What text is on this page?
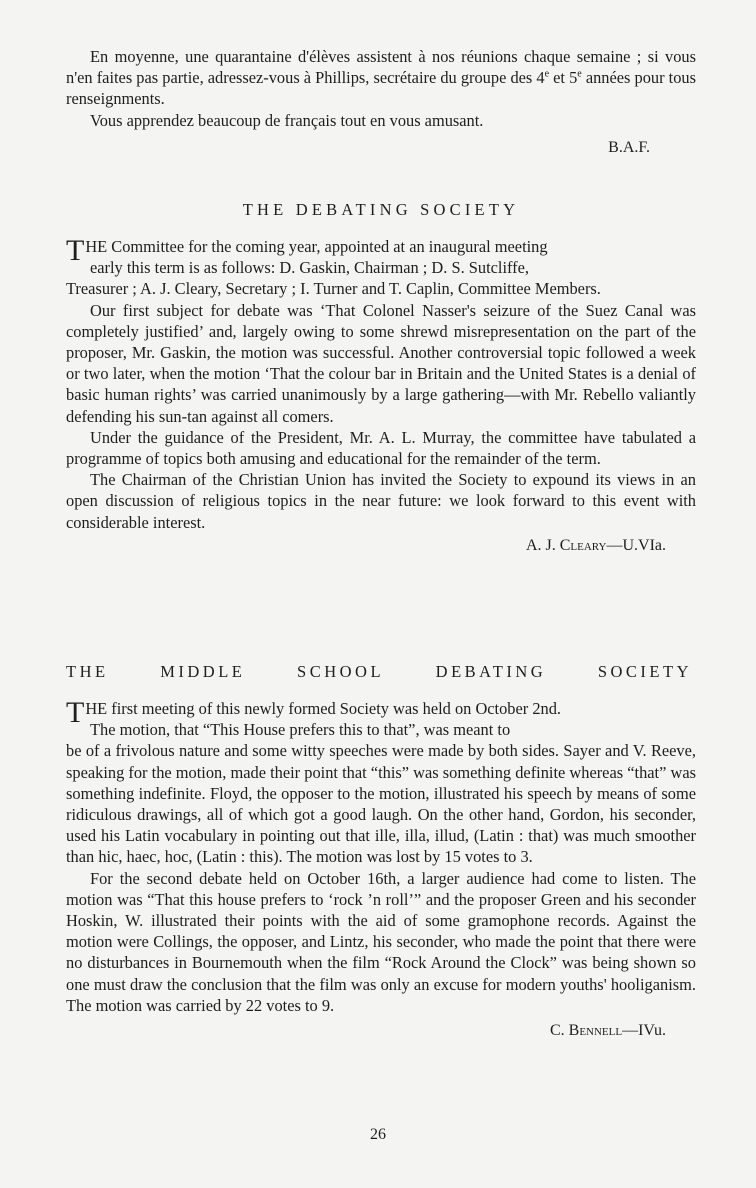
En moyenne, une quarantaine d'élèves assistent à nos réunions chaque semaine ; si vous n'en faites pas partie, adressez-vous à Phillips, secrétaire du groupe des 4e et 5e années pour tous renseignments.

Vous apprendez beaucoup de français tout en vous amusant.

B.A.F.

THE DEBATING SOCIETY
T HE Committee for the coming year, appointed at an inaugural meeting

early this term is as follows: D. Gaskin, Chairman ; D. S. Sutcliffe,

Treasurer ; A. J. Cleary, Secretary ; I. Turner and T. Caplin, Committee Members.

Our first subject for debate was ‘That Colonel Nasser's seizure of the Suez Canal was completely justified’ and, largely owing to some shrewd misrepresentation on the part of the proposer, Mr. Gaskin, the motion was successful. Another controversial topic followed a week or two later, when the motion ‘That the colour bar in Britain and the United States is a denial of basic human rights’ was carried unanimously by a large gathering—with Mr. Rebello valiantly defending his sun-tan against all comers.

Under the guidance of the President, Mr. A. L. Murray, the committee have tabulated a programme of topics both amusing and educational for the remainder of the term.

The Chairman of the Christian Union has invited the Society to expound its views in an open discussion of religious topics in the near future: we look forward to this event with considerable interest.

A. J. Cleary—U.VIa.

THE	MIDDLE	SCHOOL	DEBATING	SOCIETY
T HE first meeting of this newly formed Society was held on October 2nd.

The motion, that “This House prefers this to that”, was meant to

be of a frivolous nature and some witty speeches were made by both sides. Sayer and V. Reeve, speaking for the motion, made their point that “this” was something definite whereas “that” was something indefinite. Floyd, the opposer to the motion, illustrated his speech by means of some ridiculous drawings, all of which got a good laugh. On the other hand, Gordon, his seconder, used his Latin vocabulary in pointing out that ille, illa, illud, (Latin : that) was much smoother than hic, haec, hoc, (Latin : this). The motion was lost by 15 votes to 3.

For the second debate held on October 16th, a larger audience had come to listen. The motion was “That this house prefers to ‘rock ’n roll’” and the proposer Green and his seconder Hoskin, W. illustrated their points with the aid of some gramophone records. Against the motion were Collings, the opposer, and Lintz, his seconder, who made the point that there were no disturbances in Bournemouth when the film “Rock Around the Clock” was being shown so one must draw the conclusion that the film was only an excuse for modern youths' hooliganism. The motion was carried by 22 votes to 9.

C. Bennell—IVu.

26
